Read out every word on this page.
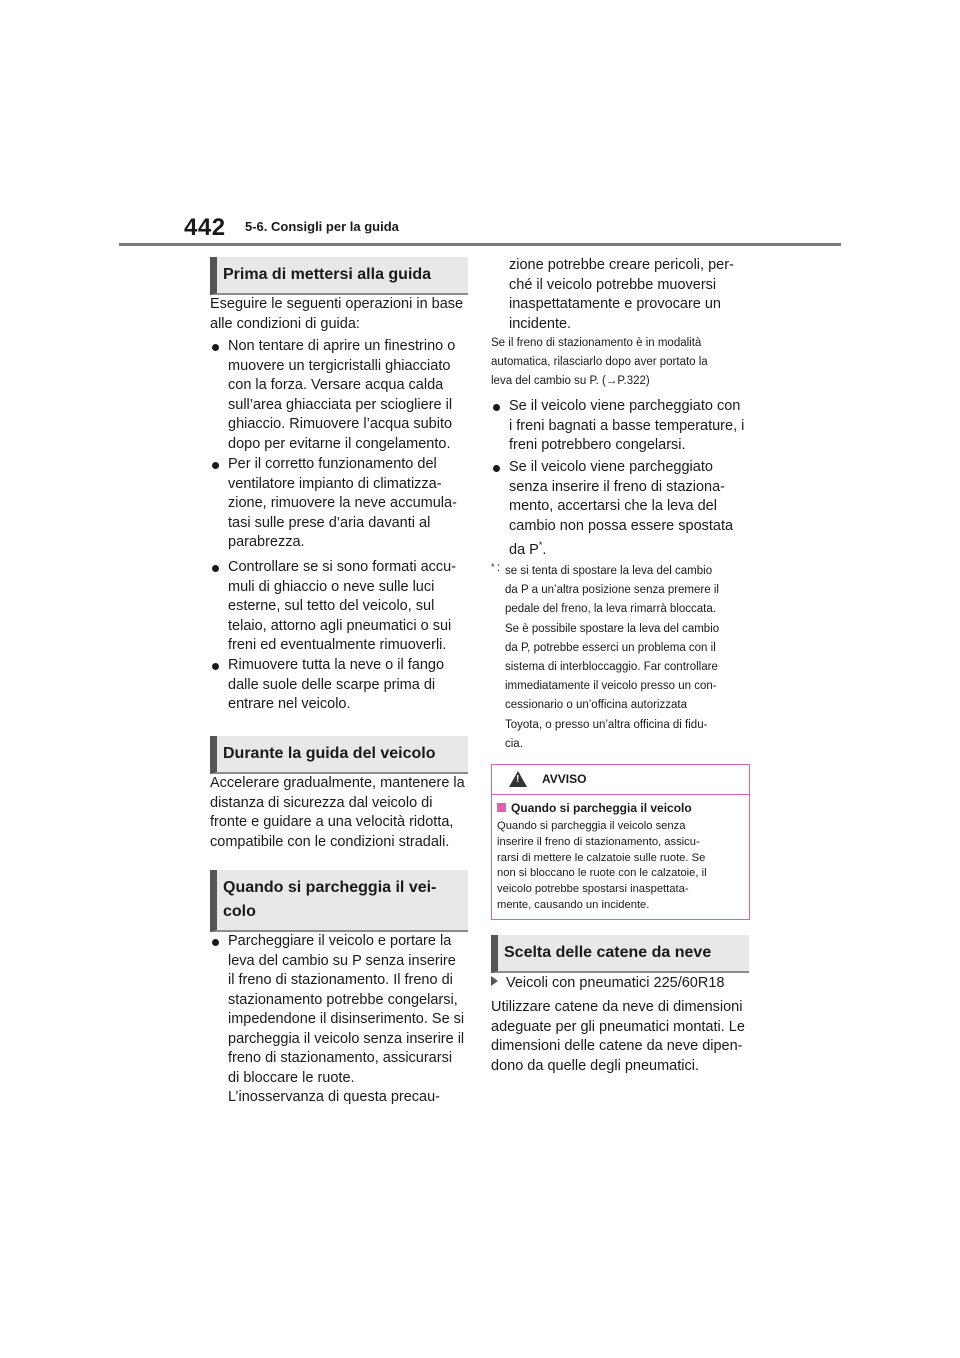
442 5-6. Consigli per la guida
Prima di mettersi alla guida
Eseguire le seguenti operazioni in base alle condizioni di guida:
Non tentare di aprire un finestrino o
muovere un tergicristalli ghiacciato
con la forza. Versare acqua calda
sull’area ghiacciata per sciogliere il
ghiaccio. Rimuovere l’acqua subito
dopo per evitarne il congelamento.
Per il corretto funzionamento del
ventilatore impianto di climatizza-
zione, rimuovere la neve accumula-
tasi sulle prese d’aria davanti al
parabrezza.
Controllare se si sono formati accu-
muli di ghiaccio o neve sulle luci
esterne, sul tetto del veicolo, sul
telaio, attorno agli pneumatici o sui
freni ed eventualmente rimuoverli.
Rimuovere tutta la neve o il fango
dalle suole delle scarpe prima di
entrare nel veicolo.
Durante la guida del veicolo
Accelerare gradualmente, mantenere la distanza di sicurezza dal veicolo di fronte e guidare a una velocità ridotta, compatibile con le condizioni stradali.
Quando si parcheggia il vei-
colo
Parcheggiare il veicolo e portare la
leva del cambio su P senza inserire
il freno di stazionamento. Il freno di
stazionamento potrebbe congelarsi,
impedendone il disinserimento. Se si
parcheggia il veicolo senza inserire il
freno di stazionamento, assicurarsi
di bloccare le ruote.
L’inosservanza di questa precau-
zione potrebbe creare pericoli, per-
ché il veicolo potrebbe muoversi
inaspettatamente e provocare un
incidente.
Se il freno di stazionamento è in modalità
automatica, rilasciarlo dopo aver portato la
leva del cambio su P. (→P.322)
Se il veicolo viene parcheggiato con
i freni bagnati a basse temperature, i
freni potrebbero congelarsi.
Se il veicolo viene parcheggiato
senza inserire il freno di staziona-
mento, accertarsi che la leva del
cambio non possa essere spostata
da P*.
* : se si tenta di spostare la leva del cambio
da P a un’altra posizione senza premere il
pedale del freno, la leva rimarrà bloccata.
Se è possibile spostare la leva del cambio
da P, potrebbe esserci un problema con il
sistema di interbloccaggio. Far controllare
immediatamente il veicolo presso un con-
cessionario o un’officina autorizzata
Toyota, o presso un’altra officina di fidu-
cia.
! AVVISO
Quando si parcheggia il veicolo
Quando si parcheggia il veicolo senza
inserire il freno di stazionamento, assicu-
rarsi di mettere le calzatoie sulle ruote. Se
non si bloccano le ruote con le calzatoie, il
veicolo potrebbe spostarsi inaspettata-
mente, causando un incidente.
Scelta delle catene da neve
Veicoli con pneumatici 225/60R18
Utilizzare catene da neve di dimensioni adeguate per gli pneumatici montati. Le dimensioni delle catene da neve dipen-dono da quelle degli pneumatici.
